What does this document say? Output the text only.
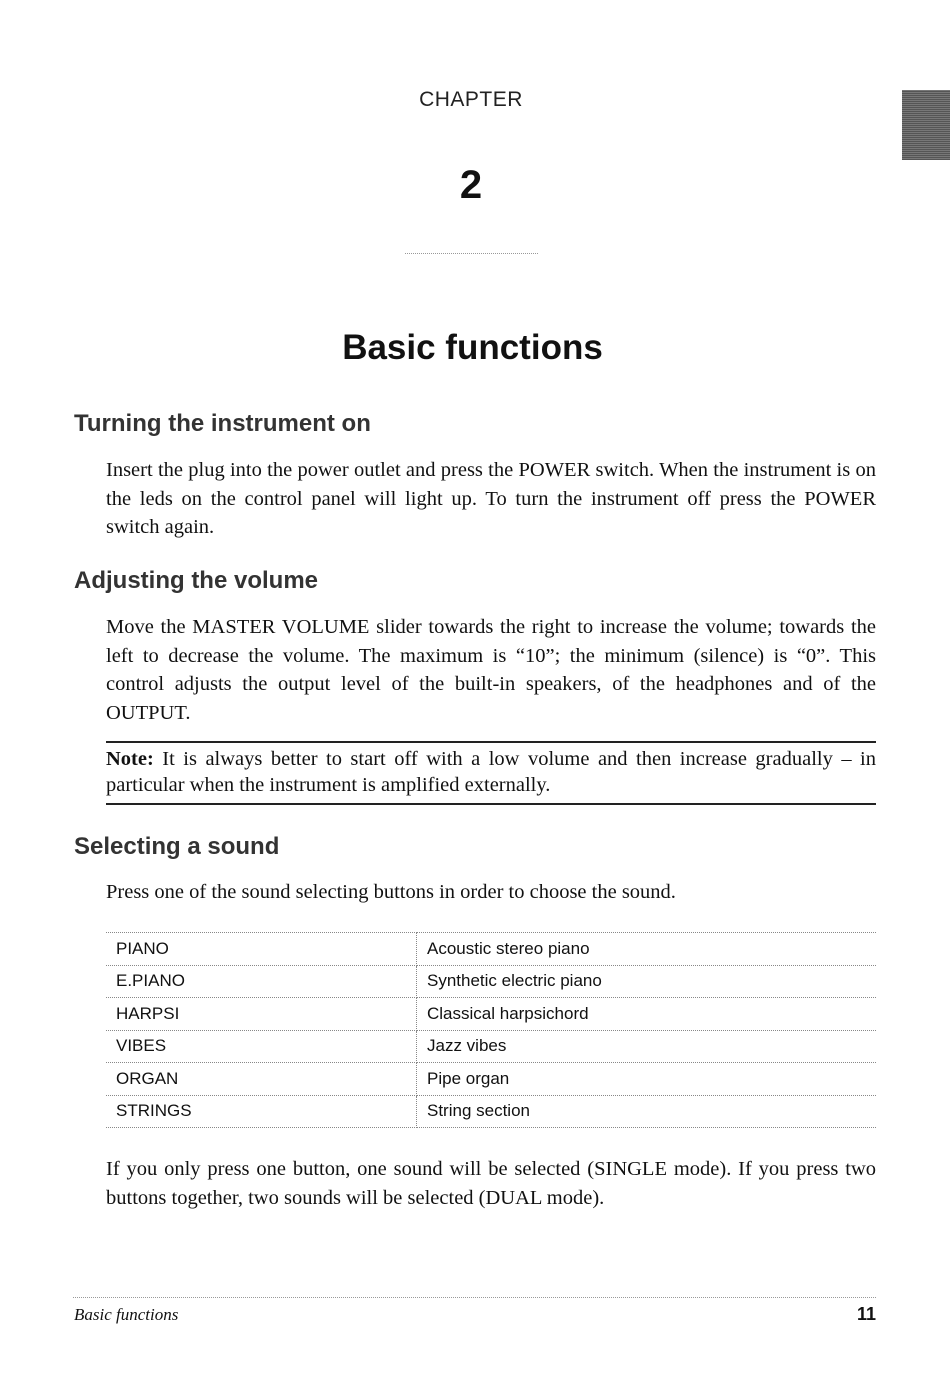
CHAPTER
2
Basic functions
Turning the instrument on

Insert the plug into the power outlet and press the POWER switch. When the instrument is on the leds on the control panel will light up. To turn the instrument off press the POWER switch again.

Adjusting the volume

Move the MASTER VOLUME slider towards the right to increase the volume; towards the left to decrease the volume. The maximum is “10”; the minimum (silence) is “0”. This control adjusts the output level of the built-in speakers, of the headphones and of the OUTPUT.

Note: It is always better to start off with a low volume and then increase gradually – in particular when the instrument is amplified externally.

Selecting a sound

Press one of the sound selecting buttons in order to choose the sound.

PIANO	Acoustic stereo piano
E.PIANO	Synthetic electric piano
HARPSI	Classical harpsichord
VIBES	Jazz vibes
ORGAN	Pipe organ
STRINGS	String section

If you only press one button, one sound will be selected (SINGLE mode). If you press two buttons together, two sounds will be selected (DUAL mode).

Basic functions	11
